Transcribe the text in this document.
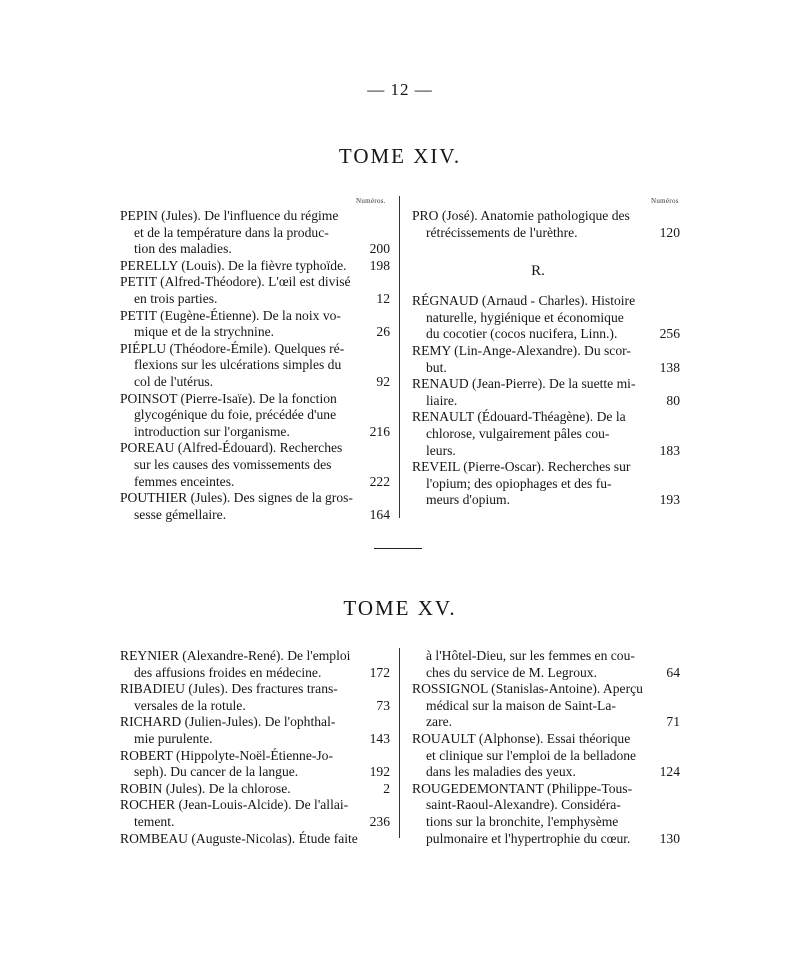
— 12 —
TOME XIV.
Numéros.	Numéros
PEPIN (Jules). De l'influence du régime
et de la température dans la produc-
tion des maladies.	200
PERELLY (Louis). De la fièvre typhoïde. 198
PETIT (Alfred-Théodore). L'œil est divisé
en trois parties.	12
PETIT (Eugène-Étienne). De la noix vo-
mique et de la strychnine.	26
PIÉPLU (Théodore-Émile). Quelques ré-
flexions sur les ulcérations simples du
col de l'utérus.	92
POINSOT (Pierre-Isaïe). De la fonction
glycogénique du foie, précédée d'une
introduction sur l'organisme.	216
POREAU (Alfred-Édouard). Recherches
sur les causes des vomissements des
femmes enceintes.	222
POUTHIER (Jules). Des signes de la gros-
sesse gémellaire.	164
PRO (José). Anatomie pathologique des
rétrécissements de l'urèthre.	120
R.
RÉGNAUD (Arnaud - Charles). Histoire
naturelle, hygiénique et économique
du cocotier (cocos nucifera, Linn.).	256
REMY (Lin-Ange-Alexandre). Du scor-
but.	138
RENAUD (Jean-Pierre). De la suette mi-
liaire.	80
RENAULT (Édouard-Théagène). De la
chlorose, vulgairement pâles cou-
leurs.	183
REVEIL (Pierre-Oscar). Recherches sur
l'opium; des opiophages et des fu-
meurs d'opium.	193
TOME XV.
REYNIER (Alexandre-René). De l'emploi
des affusions froides en médecine.	172
RIBADIEU (Jules). Des fractures trans-
versales de la rotule.	73
RICHARD (Julien-Jules). De l'ophthal-
mie purulente.	143
ROBERT (Hippolyte-Noël-Étienne-Jo-
seph). Du cancer de la langue.	192
ROBIN (Jules). De la chlorose.	2
ROCHER (Jean-Louis-Alcide). De l'allai-
tement.	236
ROMBEAU (Auguste-Nicolas). Étude faite
à l'Hôtel-Dieu, sur les femmes en cou-
ches du service de M. Legroux.	64
ROSSIGNOL (Stanislas-Antoine). Aperçu
médical sur la maison de Saint-La-
zare.	71
ROUAULT (Alphonse). Essai théorique
et clinique sur l'emploi de la belladone
dans les maladies des yeux.	124
ROUGEDEMONTANT (Philippe-Tous-
saint-Raoul-Alexandre). Considéra-
tions sur la bronchite, l'emphysème
pulmonaire et l'hypertrophie du cœur. 130
